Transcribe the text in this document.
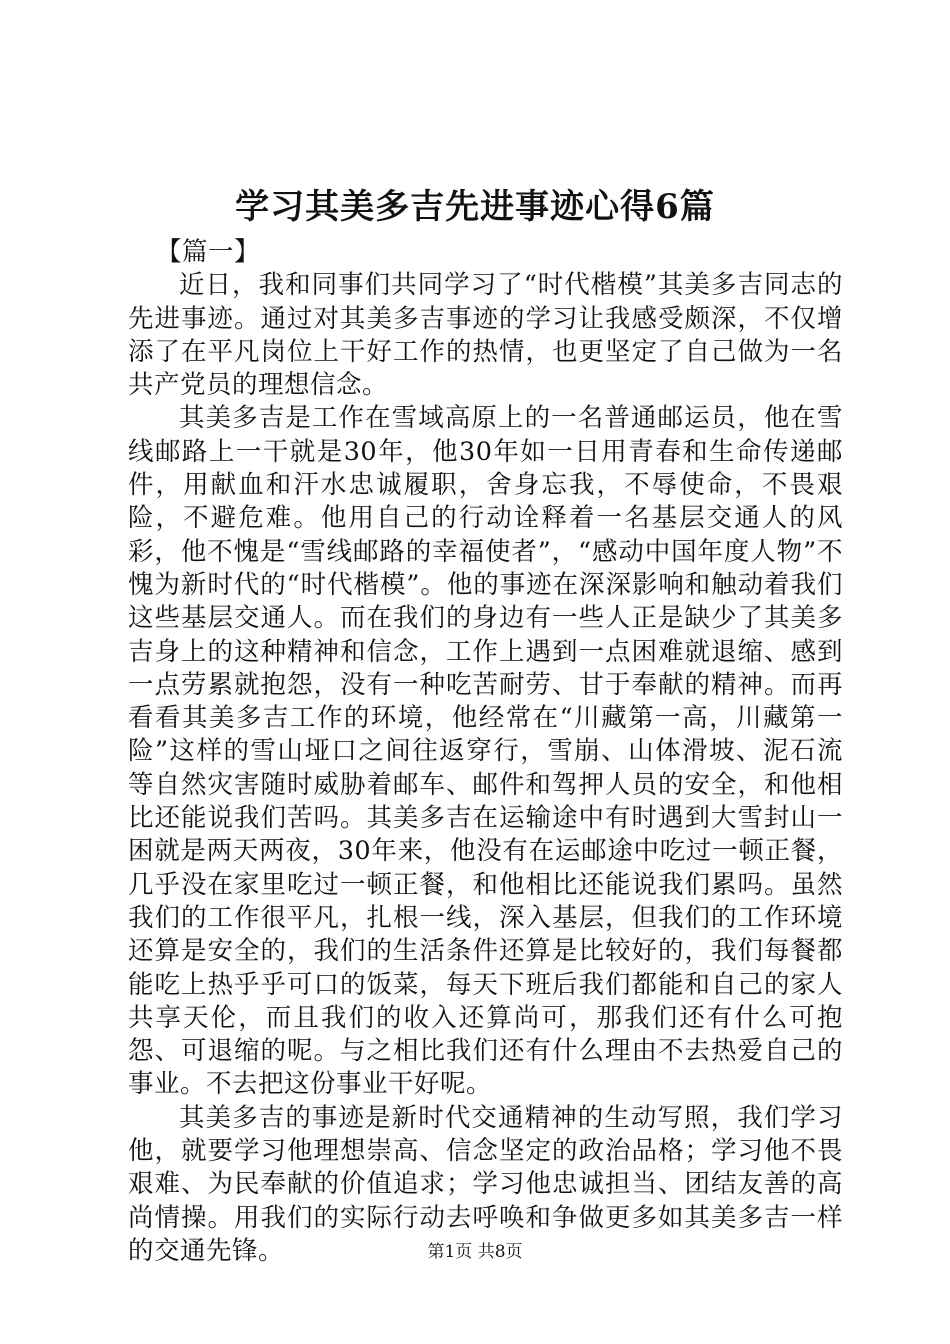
学习其美多吉先进事迹心得6篇

【篇一】

近日，我和同事们共同学习了“时代楷模”其美多吉同志的先进事迹。通过对其美多吉事迹的学习让我感受颇深，不仅增添了在平凡岗位上干好工作的热情，也更坚定了自己做为一名共产党员的理想信念。

其美多吉是工作在雪域高原上的一名普通邮运员，他在雪线邮路上一干就是30年，他30年如一日用青春和生命传递邮件，用献血和汗水忠诚履职，舍身忘我，不辱使命，不畏艰险，不避危难。他用自己的行动诠释着一名基层交通人的风彩，他不愧是“雪线邮路的幸福使者”，“感动中国年度人物”不愧为新时代的“时代楷模”。他的事迹在深深影响和触动着我们这些基层交通人。而在我们的身边有一些人正是缺少了其美多吉身上的这种精神和信念，工作上遇到一点困难就退缩、感到一点劳累就抱怨，没有一种吃苦耐劳、甘于奉献的精神。而再看看其美多吉工作的环境，他经常在“川藏第一高，川藏第一险”这样的雪山垭口之间往返穿行，雪崩、山体滑坡、泥石流等自然灾害随时威胁着邮车、邮件和驾押人员的安全，和他相比还能说我们苦吗。其美多吉在运输途中有时遇到大雪封山一困就是两天两夜，30年来，他没有在运邮途中吃过一顿正餐，几乎没在家里吃过一顿正餐，和他相比还能说我们累吗。虽然我们的工作很平凡，扎根一线，深入基层，但我们的工作环境还算是安全的，我们的生活条件还算是比较好的，我们每餐都能吃上热乎乎可口的饭菜，每天下班后我们都能和自己的家人共享天伦，而且我们的收入还算尚可，那我们还有什么可抱怨、可退缩的呢。与之相比我们还有什么理由不去热爱自己的事业。不去把这份事业干好呢。

其美多吉的事迹是新时代交通精神的生动写照，我们学习他，就要学习他理想崇高、信念坚定的政治品格；学习他不畏艰难、为民奉献的价值追求；学习他忠诚担当、团结友善的高尚情操。用我们的实际行动去呼唤和争做更多如其美多吉一样的交通先锋。	第1页 共8页
